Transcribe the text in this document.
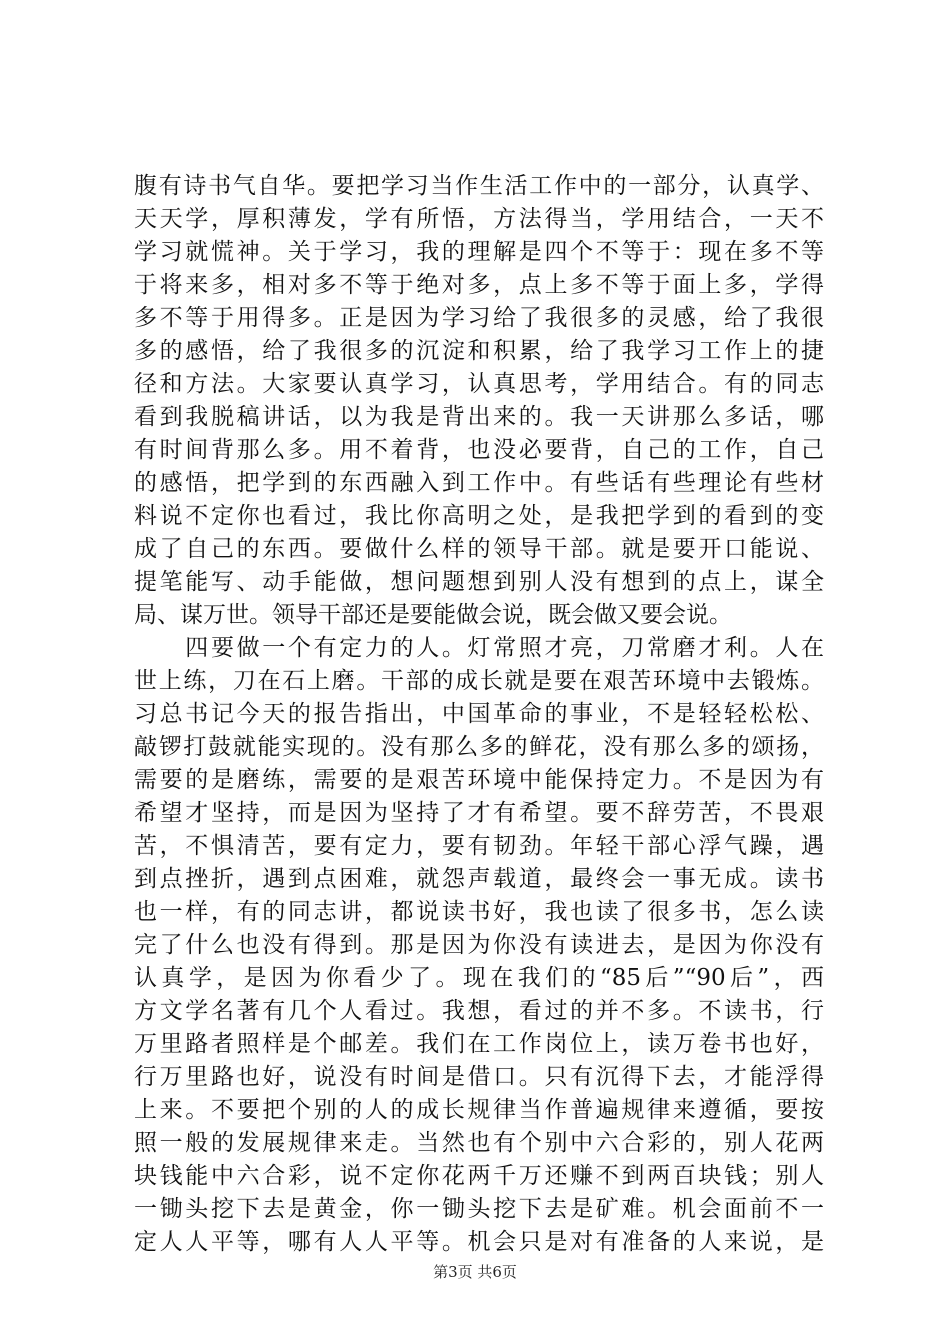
腹有诗书气自华。要把学习当作生活工作中的一部分，认真学、
天天学，厚积薄发，学有所悟，方法得当，学用结合，一天不
学习就慌神。关于学习，我的理解是四个不等于：现在多不等
于将来多，相对多不等于绝对多，点上多不等于面上多，学得
多不等于用得多。正是因为学习给了我很多的灵感，给了我很
多的感悟，给了我很多的沉淀和积累，给了我学习工作上的捷
径和方法。大家要认真学习，认真思考，学用结合。有的同志
看到我脱稿讲话，以为我是背出来的。我一天讲那么多话，哪
有时间背那么多。用不着背，也没必要背，自己的工作，自己
的感悟，把学到的东西融入到工作中。有些话有些理论有些材
料说不定你也看过，我比你高明之处，是我把学到的看到的变
成了自己的东西。要做什么样的领导干部。就是要开口能说、
提笔能写、动手能做，想问题想到别人没有想到的点上，谋全
局、谋万世。领导干部还是要能做会说，既会做又要会说。
　　四要做一个有定力的人。灯常照才亮，刀常磨才利。人在
世上练，刀在石上磨。干部的成长就是要在艰苦环境中去锻炼。
习总书记今天的报告指出，中国革命的事业，不是轻轻松松、
敲锣打鼓就能实现的。没有那么多的鲜花，没有那么多的颂扬，
需要的是磨练，需要的是艰苦环境中能保持定力。不是因为有
希望才坚持，而是因为坚持了才有希望。要不辞劳苦，不畏艰
苦，不惧清苦，要有定力，要有韧劲。年轻干部心浮气躁，遇
到点挫折，遇到点困难，就怨声载道，最终会一事无成。读书
也一样，有的同志讲，都说读书好，我也读了很多书，怎么读
完了什么也没有得到。那是因为你没有读进去，是因为你没有
认真学，是因为你看少了。现在我们的“85后”“90后”，西
方文学名著有几个人看过。我想，看过的并不多。不读书，行
万里路者照样是个邮差。我们在工作岗位上，读万卷书也好，
行万里路也好，说没有时间是借口。只有沉得下去，才能浮得
上来。不要把个别的人的成长规律当作普遍规律来遵循，要按
照一般的发展规律来走。当然也有个别中六合彩的，别人花两
块钱能中六合彩，说不定你花两千万还赚不到两百块钱；别人
一锄头挖下去是黄金，你一锄头挖下去是矿难。机会面前不一
定人人平等，哪有人人平等。机会只是对有准备的人来说，是
第3页 共6页
